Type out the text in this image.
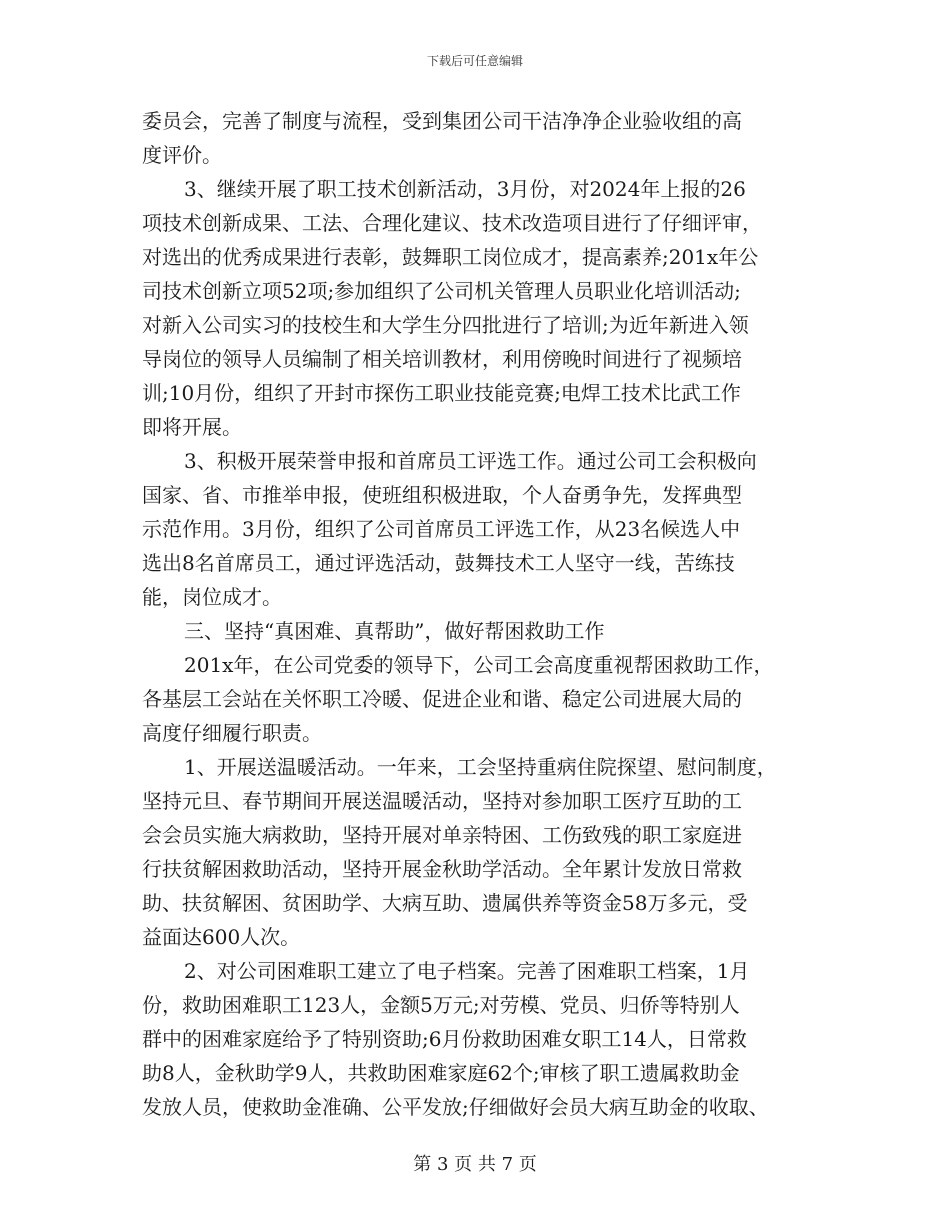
下载后可任意编辑
委员会，完善了制度与流程，受到集团公司干洁净净企业验收组的高
度评价。
3、继续开展了职工技术创新活动，3月份，对2024年上报的26
项技术创新成果、工法、合理化建议、技术改造项目进行了仔细评审，
对选出的优秀成果进行表彰，鼓舞职工岗位成才，提高素养;201x年公
司技术创新立项52项;参加组织了公司机关管理人员职业化培训活动;
对新入公司实习的技校生和大学生分四批进行了培训;为近年新进入领
导岗位的领导人员编制了相关培训教材，利用傍晚时间进行了视频培
训;10月份，组织了开封市探伤工职业技能竞赛;电焊工技术比武工作
即将开展。
3、积极开展荣誉申报和首席员工评选工作。通过公司工会积极向
国家、省、市推举申报，使班组积极进取，个人奋勇争先，发挥典型
示范作用。3月份，组织了公司首席员工评选工作，从23名候选人中
选出8名首席员工，通过评选活动，鼓舞技术工人坚守一线，苦练技
能，岗位成才。
三、坚持“真困难、真帮助”，做好帮困救助工作
201x年，在公司党委的领导下，公司工会高度重视帮困救助工作，
各基层工会站在关怀职工冷暖、促进企业和谐、稳定公司进展大局的
高度仔细履行职责。
1、开展送温暖活动。一年来，工会坚持重病住院探望、慰问制度，
坚持元旦、春节期间开展送温暖活动，坚持对参加职工医疗互助的工
会会员实施大病救助，坚持开展对单亲特困、工伤致残的职工家庭进
行扶贫解困救助活动，坚持开展金秋助学活动。全年累计发放日常救
助、扶贫解困、贫困助学、大病互助、遗属供养等资金58万多元，受
益面达600人次。
2、对公司困难职工建立了电子档案。完善了困难职工档案，1月
份，救助困难职工123人，金额5万元;对劳模、党员、归侨等特别人
群中的困难家庭给予了特别资助;6月份救助困难女职工14人，日常救
助8人，金秋助学9人，共救助困难家庭62个;审核了职工遗属救助金
发放人员，使救助金准确、公平发放;仔细做好会员大病互助金的收取、
第 3 页 共 7 页
